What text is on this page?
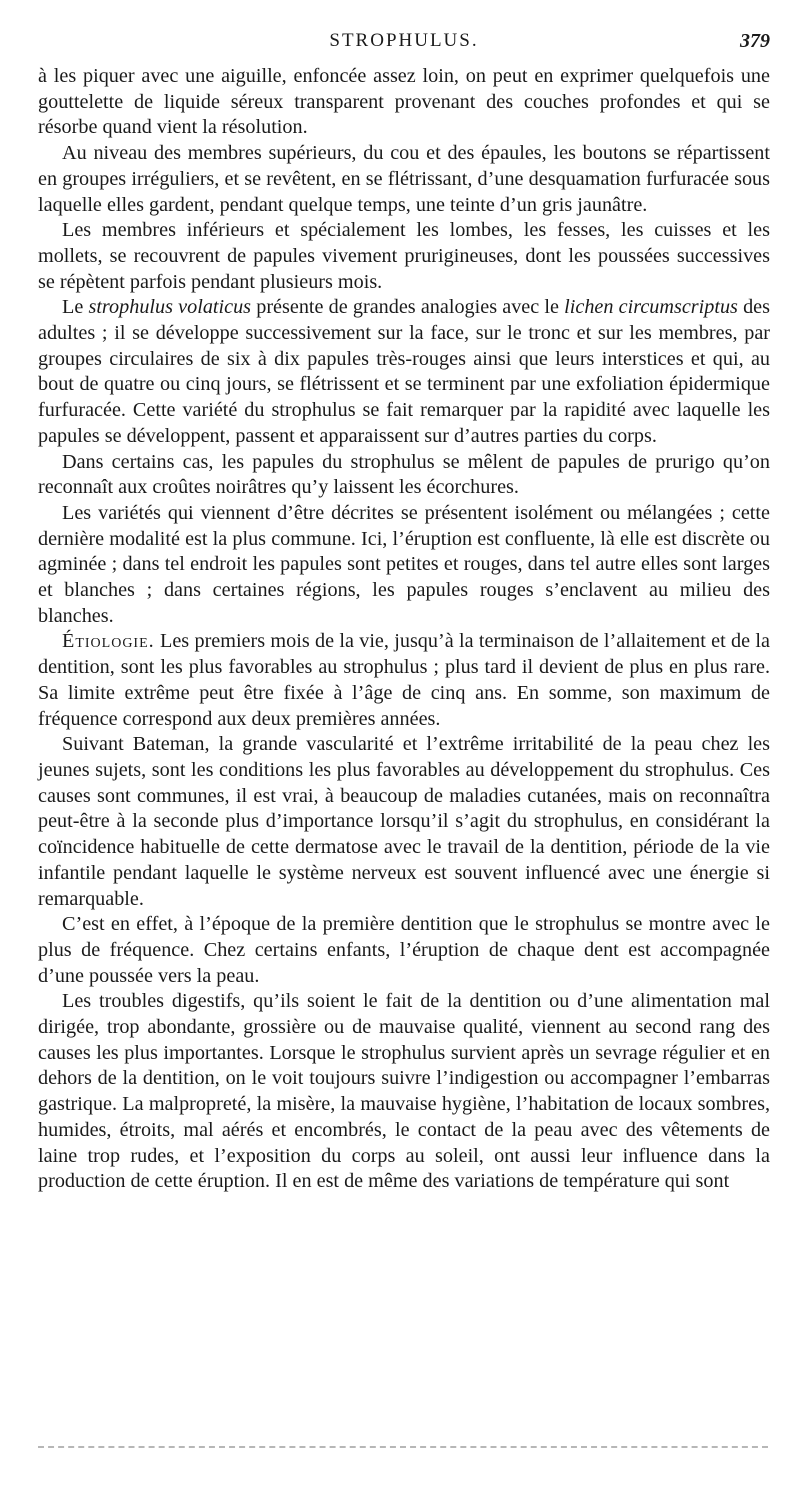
STROPHULUS.	379

à les piquer avec une aiguille, enfoncée assez loin, on peut en exprimer quelquefois une gouttelette de liquide séreux transparent provenant des couches profondes et qui se résorbe quand vient la résolution.

Au niveau des membres supérieurs, du cou et des épaules, les boutons se répartissent en groupes irréguliers, et se revêtent, en se flétrissant, d’une desquamation furfuracée sous laquelle elles gardent, pendant quelque temps, une teinte d’un gris jaunâtre.

Les membres inférieurs et spécialement les lombes, les fesses, les cuisses et les mollets, se recouvrent de papules vivement prurigineuses, dont les poussées successives se répètent parfois pendant plusieurs mois.

Le strophulus volaticus présente de grandes analogies avec le lichen circumscriptus des adultes ; il se développe successivement sur la face, sur le tronc et sur les membres, par groupes circulaires de six à dix papules très-rouges ainsi que leurs interstices et qui, au bout de quatre ou cinq jours, se flétrissent et se terminent par une exfoliation épidermique furfuracée. Cette variété du strophulus se fait remarquer par la rapidité avec laquelle les papules se développent, passent et apparaissent sur d’autres parties du corps.

Dans certains cas, les papules du strophulus se mêlent de papules de prurigo qu’on reconnaît aux croûtes noirâtres qu’y laissent les écorchures.

Les variétés qui viennent d’être décrites se présentent isolément ou mélangées ; cette dernière modalité est la plus commune. Ici, l’éruption est confluente, là elle est discrète ou agminée ; dans tel endroit les papules sont petites et rouges, dans tel autre elles sont larges et blanches ; dans certaines régions, les papules rouges s’enclavent au milieu des blanches.

Étiologie. Les premiers mois de la vie, jusqu’à la terminaison de l’allaitement et de la dentition, sont les plus favorables au strophulus ; plus tard il devient de plus en plus rare. Sa limite extrême peut être fixée à l’âge de cinq ans. En somme, son maximum de fréquence correspond aux deux premières années.

Suivant Bateman, la grande vascularité et l’extrême irritabilité de la peau chez les jeunes sujets, sont les conditions les plus favorables au développement du strophulus. Ces causes sont communes, il est vrai, à beaucoup de maladies cutanées, mais on reconnaîtra peut-être à la seconde plus d’importance lorsqu’il s’agit du strophulus, en considérant la coïncidence habituelle de cette dermatose avec le travail de la dentition, période de la vie infantile pendant laquelle le système nerveux est souvent influencé avec une énergie si remarquable.

C’est en effet, à l’époque de la première dentition que le strophulus se montre avec le plus de fréquence. Chez certains enfants, l’éruption de chaque dent est accompagnée d’une poussée vers la peau.

Les troubles digestifs, qu’ils soient le fait de la dentition ou d’une alimentation mal dirigée, trop abondante, grossière ou de mauvaise qualité, viennent au second rang des causes les plus importantes. Lorsque le strophulus survient après un sevrage régulier et en dehors de la dentition, on le voit toujours suivre l’indigestion ou accompagner l’embarras gastrique. La malpropreté, la misère, la mauvaise hygiène, l’habitation de locaux sombres, humides, étroits, mal aérés et encombrés, le contact de la peau avec des vêtements de laine trop rudes, et l’exposition du corps au soleil, ont aussi leur influence dans la production de cette éruption. Il en est de même des variations de température qui sont
